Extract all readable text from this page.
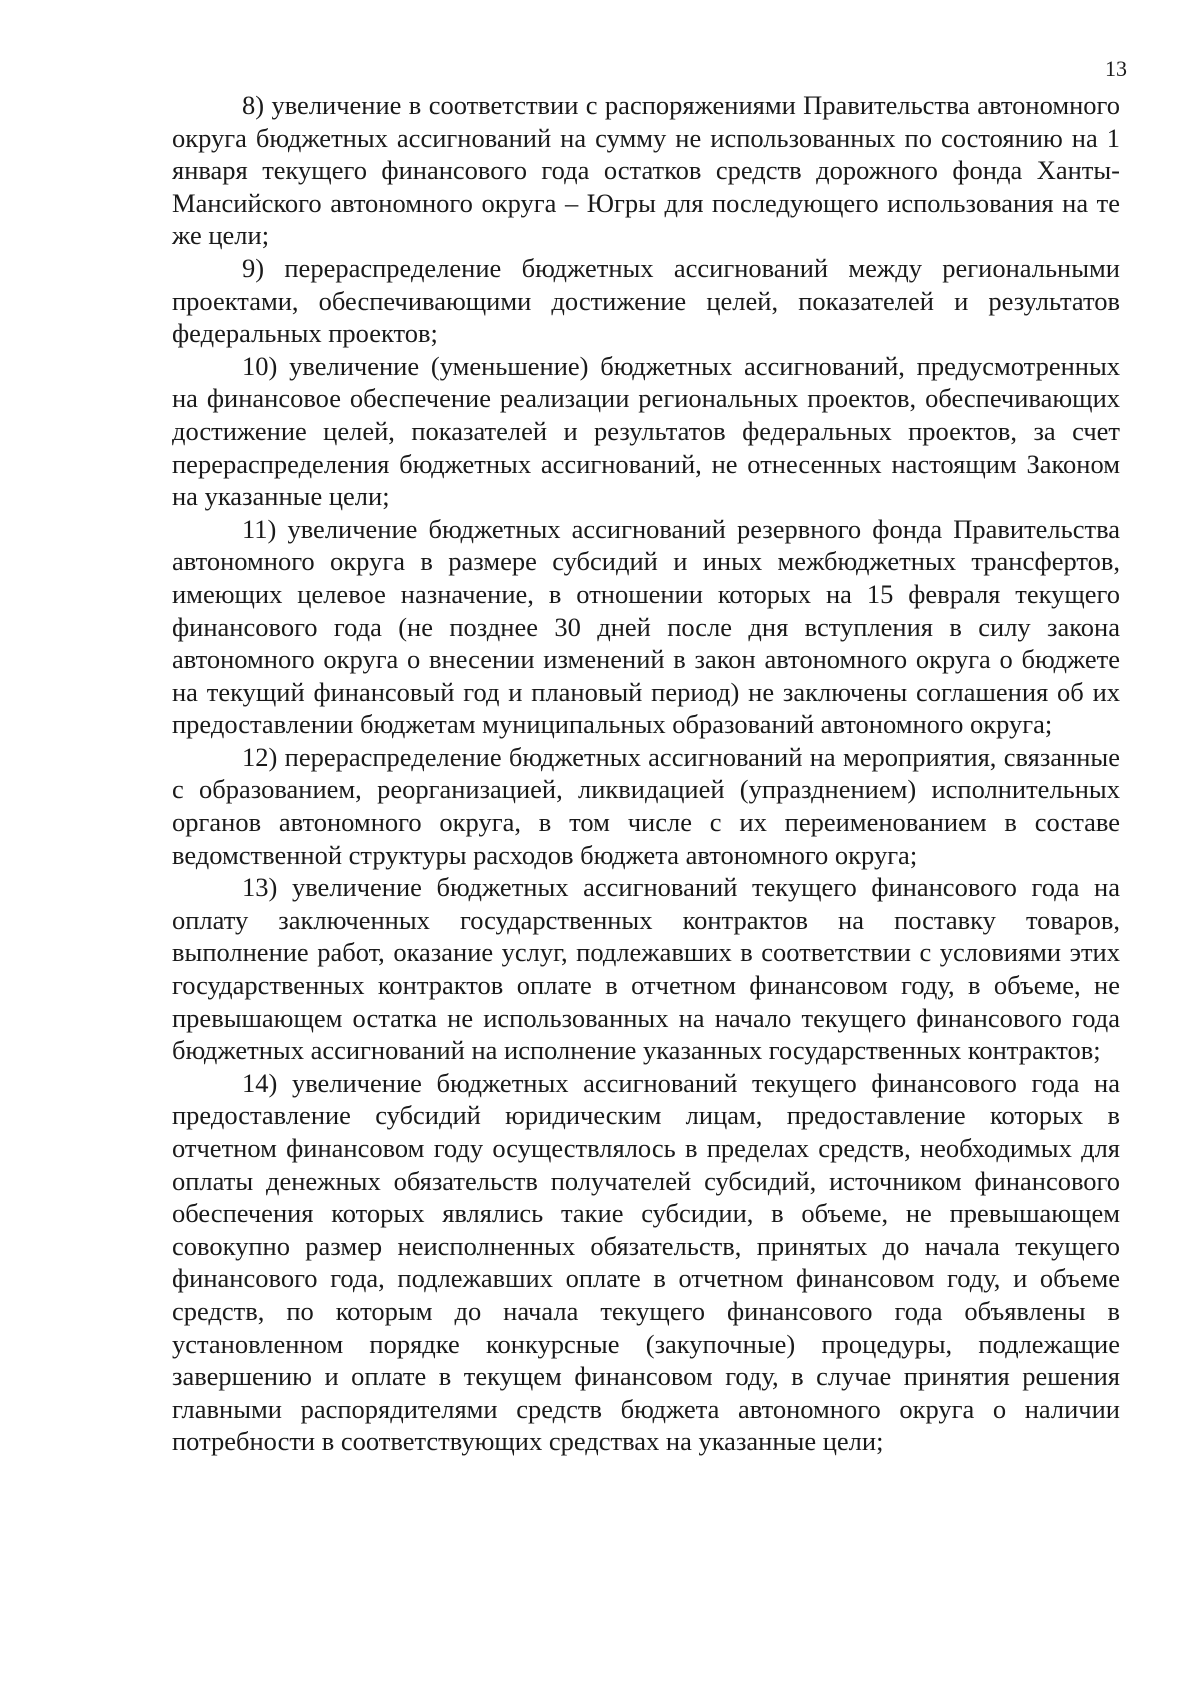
13

8) увеличение в соответствии с распоряжениями Правительства автономного округа бюджетных ассигнований на сумму не использованных по состоянию на 1 января текущего финансового года остатков средств дорожного фонда Ханты-Мансийского автономного округа – Югры для последующего использования на те же цели;

9) перераспределение бюджетных ассигнований между региональными проектами, обеспечивающими достижение целей, показателей и результатов федеральных проектов;

10) увеличение (уменьшение) бюджетных ассигнований, предусмотренных на финансовое обеспечение реализации региональных проектов, обеспечивающих достижение целей, показателей и результатов федеральных проектов, за счет перераспределения бюджетных ассигнований, не отнесенных настоящим Законом на указанные цели;

11) увеличение бюджетных ассигнований резервного фонда Правительства автономного округа в размере субсидий и иных межбюджетных трансфертов, имеющих целевое назначение, в отношении которых на 15 февраля текущего финансового года (не позднее 30 дней после дня вступления в силу закона автономного округа о внесении изменений в закон автономного округа о бюджете на текущий финансовый год и плановый период) не заключены соглашения об их предоставлении бюджетам муниципальных образований автономного округа;

12) перераспределение бюджетных ассигнований на мероприятия, связанные с образованием, реорганизацией, ликвидацией (упразднением) исполнительных органов автономного округа, в том числе с их переименованием в составе ведомственной структуры расходов бюджета автономного округа;

13) увеличение бюджетных ассигнований текущего финансового года на оплату заключенных государственных контрактов на поставку товаров, выполнение работ, оказание услуг, подлежавших в соответствии с условиями этих государственных контрактов оплате в отчетном финансовом году, в объеме, не превышающем остатка не использованных на начало текущего финансового года бюджетных ассигнований на исполнение указанных государственных контрактов;

14) увеличение бюджетных ассигнований текущего финансового года на предоставление субсидий юридическим лицам, предоставление которых в отчетном финансовом году осуществлялось в пределах средств, необходимых для оплаты денежных обязательств получателей субсидий, источником финансового обеспечения которых являлись такие субсидии, в объеме, не превышающем совокупно размер неисполненных обязательств, принятых до начала текущего финансового года, подлежавших оплате в отчетном финансовом году, и объеме средств, по которым до начала текущего финансового года объявлены в установленном порядке конкурсные (закупочные) процедуры, подлежащие завершению и оплате в текущем финансовом году, в случае принятия решения главными распорядителями средств бюджета автономного округа о наличии потребности в соответствующих средствах на указанные цели;
